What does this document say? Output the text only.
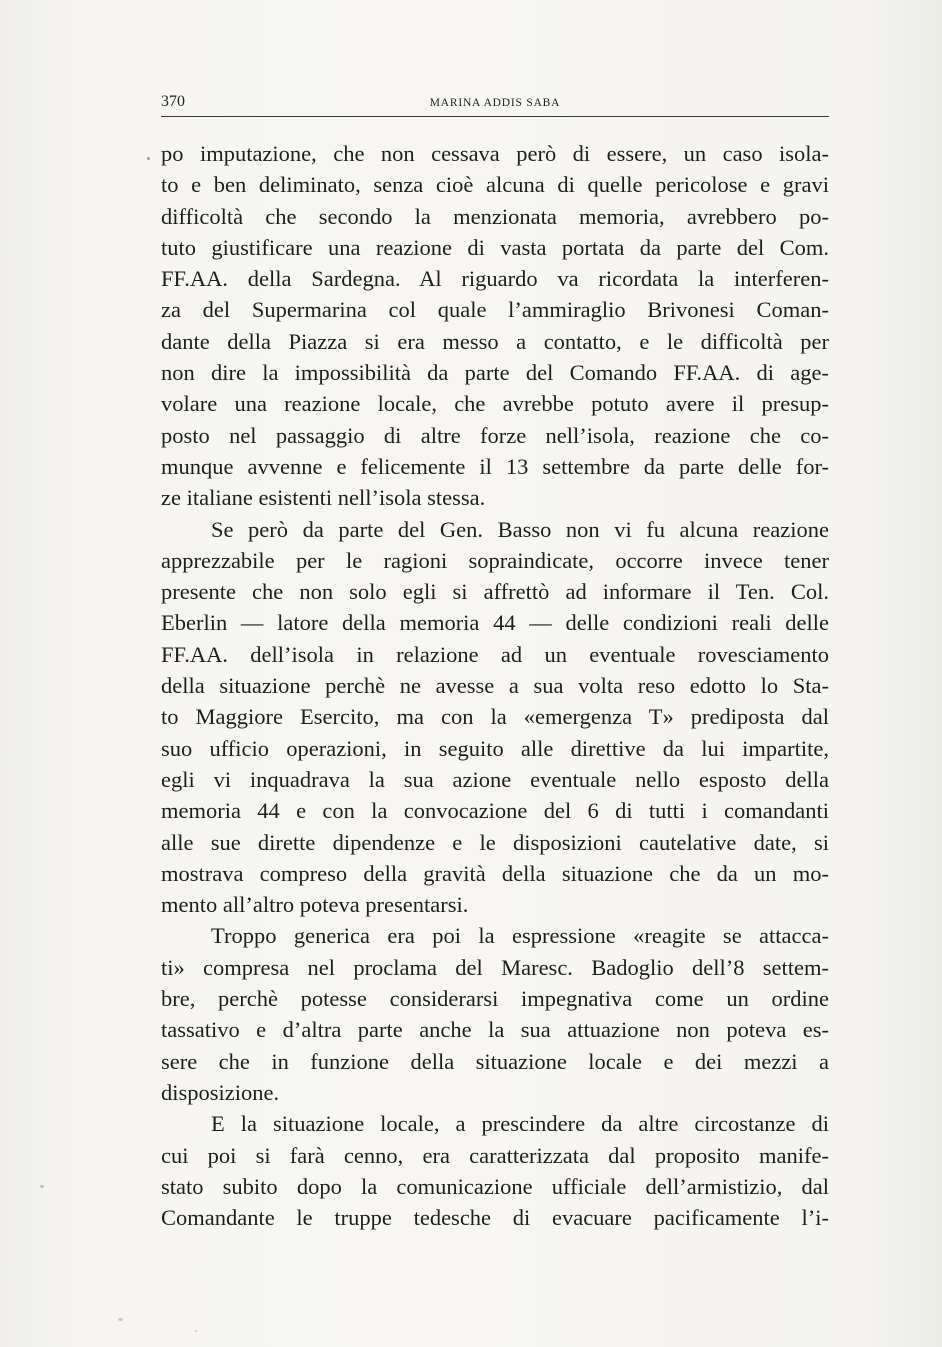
370	MARINA ADDIS SABA
po imputazione, che non cessava però di essere, un caso isola-
to e ben deliminato, senza cioè alcuna di quelle pericolose e gravi
difficoltà che secondo la menzionata memoria, avrebbero po-
tuto giustificare una reazione di vasta portata da parte del Com.
FF.AA. della Sardegna. Al riguardo va ricordata la interferen-
za del Supermarina col quale l’ammiraglio Brivonesi Coman-
dante della Piazza si era messo a contatto, e le difficoltà per
non dire la impossibilità da parte del Comando FF.AA. di age-
volare una reazione locale, che avrebbe potuto avere il presup-
posto nel passaggio di altre forze nell’isola, reazione che co-
munque avvenne e felicemente il 13 settembre da parte delle for-
ze italiane esistenti nell’isola stessa.
Se però da parte del Gen. Basso non vi fu alcuna reazione
apprezzabile per le ragioni sopraindicate, occorre invece tener
presente che non solo egli si affrettò ad informare il Ten. Col.
Eberlin — latore della memoria 44 — delle condizioni reali delle
FF.AA. dell’isola in relazione ad un eventuale rovesciamento
della situazione perchè ne avesse a sua volta reso edotto lo Sta-
to Maggiore Esercito, ma con la «emergenza T» prediposta dal
suo ufficio operazioni, in seguito alle direttive da lui impartite,
egli vi inquadrava la sua azione eventuale nello esposto della
memoria 44 e con la convocazione del 6 di tutti i comandanti
alle sue dirette dipendenze e le disposizioni cautelative date, si
mostrava compreso della gravità della situazione che da un mo-
mento all’altro poteva presentarsi.
Troppo generica era poi la espressione «reagite se attacca-
ti» compresa nel proclama del Maresc. Badoglio dell’8 settem-
bre, perchè potesse considerarsi impegnativa come un ordine
tassativo e d’altra parte anche la sua attuazione non poteva es-
sere che in funzione della situazione locale e dei mezzi a
disposizione.
E la situazione locale, a prescindere da altre circostanze di
cui poi si farà cenno, era caratterizzata dal proposito manife-
stato subito dopo la comunicazione ufficiale dell’armistizio, dal
Comandante le truppe tedesche di evacuare pacificamente l’i-
